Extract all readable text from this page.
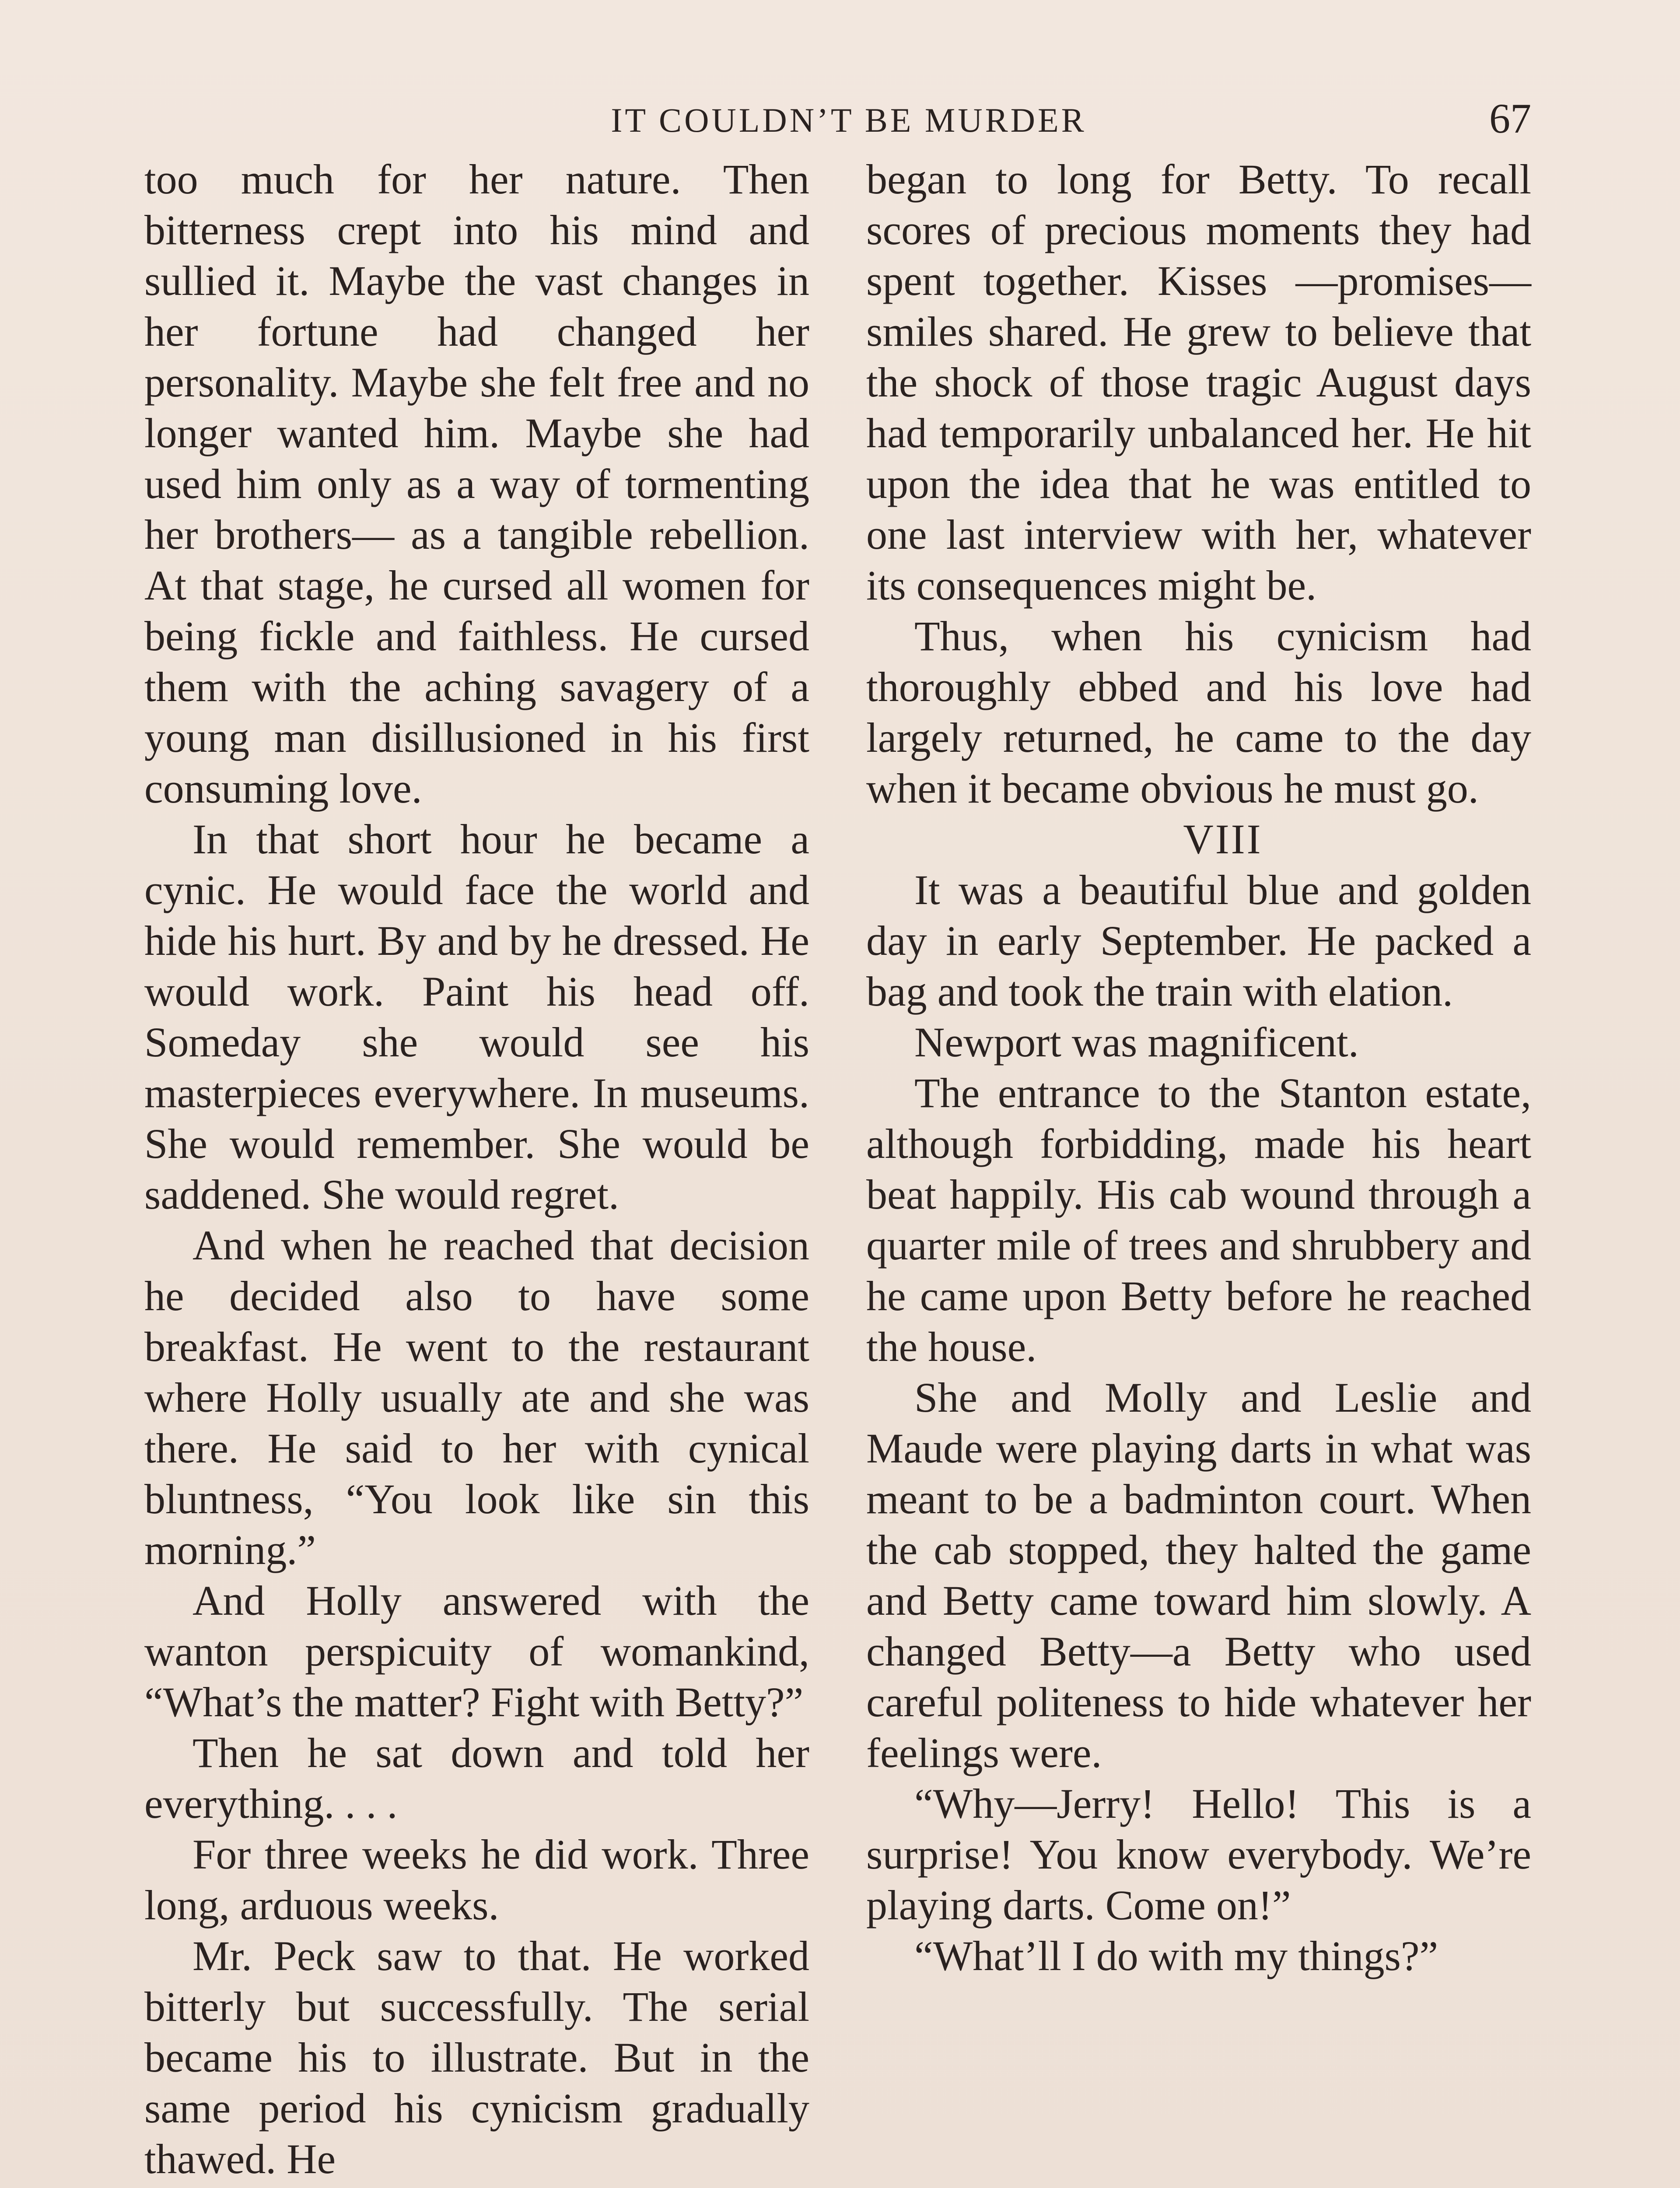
IT COULDN’T BE MURDER	67

too much for her nature. Then bitterness crept into his mind and sullied it. Maybe the vast changes in her fortune had changed her personality. Maybe she felt free and no longer wanted him. Maybe she had used him only as a way of tormenting her brothers— as a tangible rebellion. At that stage, he cursed all women for being fickle and faithless. He cursed them with the aching savagery of a young man disillusioned in his first consuming love.

In that short hour he became a cynic. He would face the world and hide his hurt. By and by he dressed. He would work. Paint his head off. Someday she would see his masterpieces everywhere. In museums. She would remember. She would be saddened. She would regret.

And when he reached that decision he decided also to have some breakfast. He went to the restaurant where Holly usually ate and she was there. He said to her with cynical bluntness, “You look like sin this morning.”

And Holly answered with the wanton perspicuity of womankind, “What’s the matter? Fight with Betty?”

Then he sat down and told her everything. . . .

For three weeks he did work. Three long, arduous weeks.

Mr. Peck saw to that. He worked bitterly but successfully. The serial became his to illustrate. But in the same period his cynicism gradually thawed. He

began to long for Betty. To recall scores of precious moments they had spent together. Kisses —promises—smiles shared. He grew to believe that the shock of those tragic August days had temporarily unbalanced her. He hit upon the idea that he was entitled to one last interview with her, whatever its consequences might be.

Thus, when his cynicism had thoroughly ebbed and his love had largely returned, he came to the day when it became obvious he must go.

VIII

It was a beautiful blue and golden day in early September. He packed a bag and took the train with elation.

Newport was magnificent.

The entrance to the Stanton estate, although forbidding, made his heart beat happily. His cab wound through a quarter mile of trees and shrubbery and he came upon Betty before he reached the house.

She and Molly and Leslie and Maude were playing darts in what was meant to be a badminton court. When the cab stopped, they halted the game and Betty came toward him slowly. A changed Betty—a Betty who used careful politeness to hide whatever her feelings were.

“Why—Jerry! Hello! This is a surprise! You know everybody. We’re playing darts. Come on!”

“What’ll I do with my things?”
